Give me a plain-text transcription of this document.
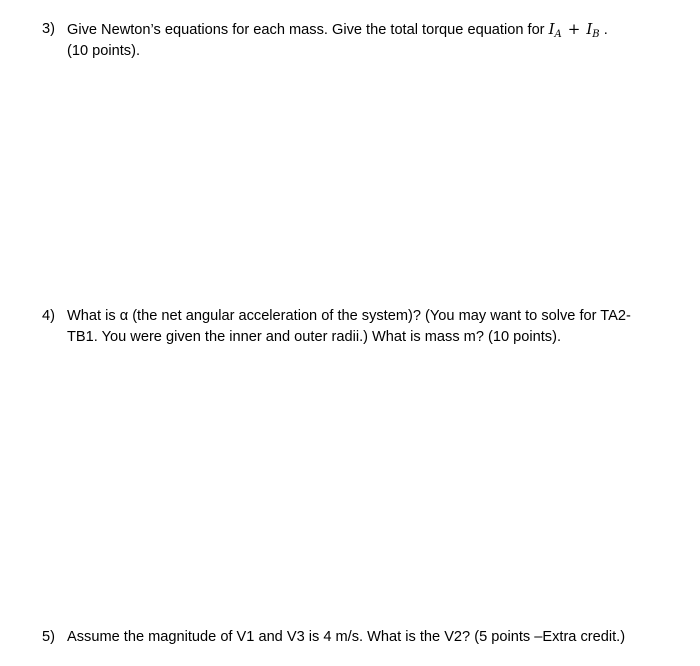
3) Give Newton’s equations for each mass. Give the total torque equation for $I_A + I_B$ .
(10 points).
4) What is α (the net angular acceleration of the system)? (You may want to solve for TA2-
TB1. You were given the inner and outer radii.) What is mass m? (10 points).
5) Assume the magnitude of V1 and V3 is 4 m/s. What is the V2? (5 points –Extra credit.)
